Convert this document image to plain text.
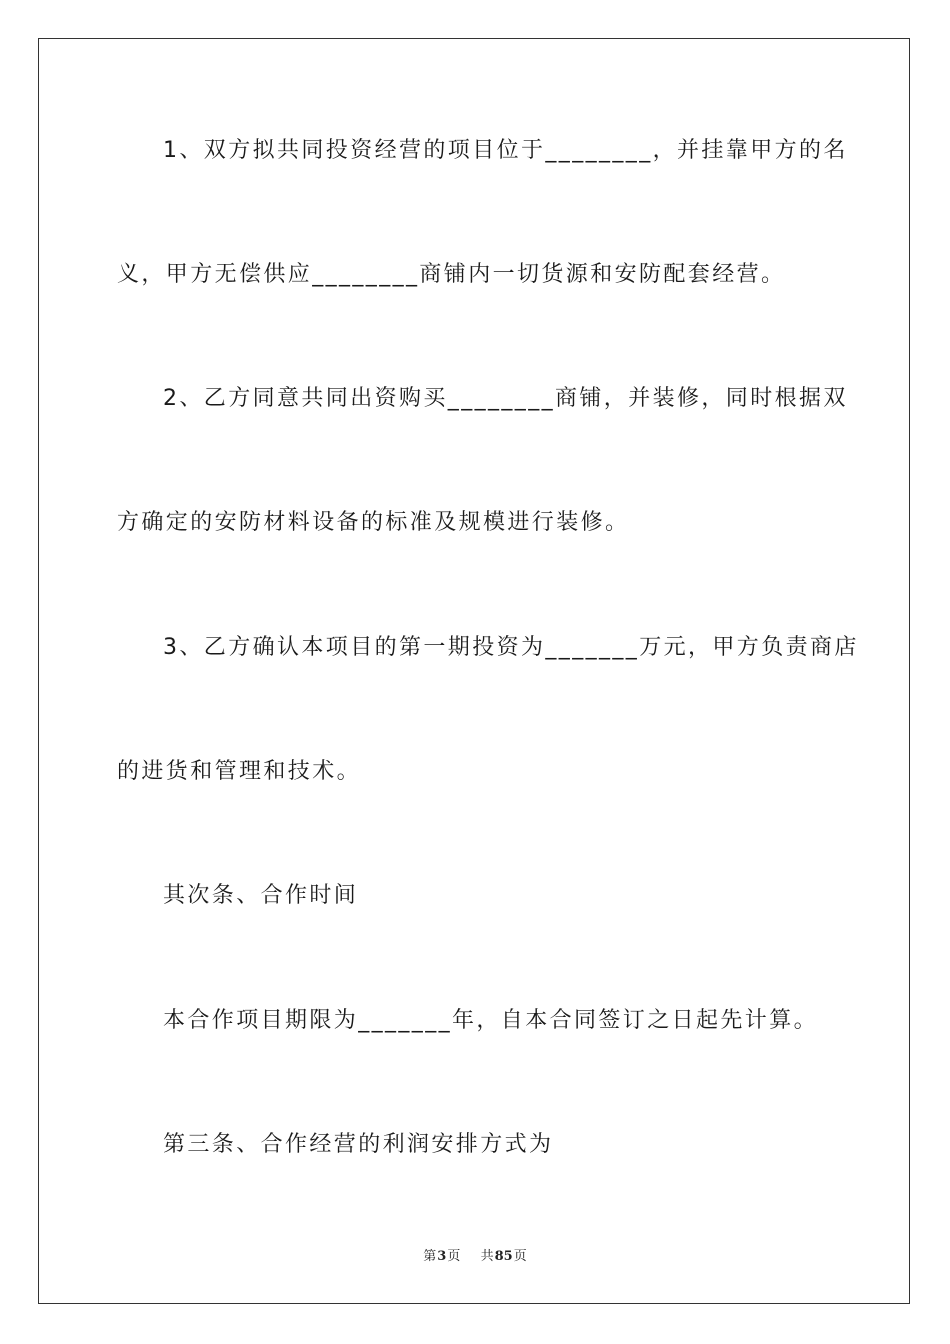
1、双方拟共同投资经营的项目位于________，并挂靠甲方的名
义，甲方无偿供应________商铺内一切货源和安防配套经营。
2、乙方同意共同出资购买________商铺，并装修，同时根据双
方确定的安防材料设备的标准及规模进行装修。
3、乙方确认本项目的第一期投资为_______万元，甲方负责商店
的进货和管理和技术。
其次条、合作时间
本合作项目期限为_______年，自本合同签订之日起先计算。
第三条、合作经营的利润安排方式为
第3页 共85页
